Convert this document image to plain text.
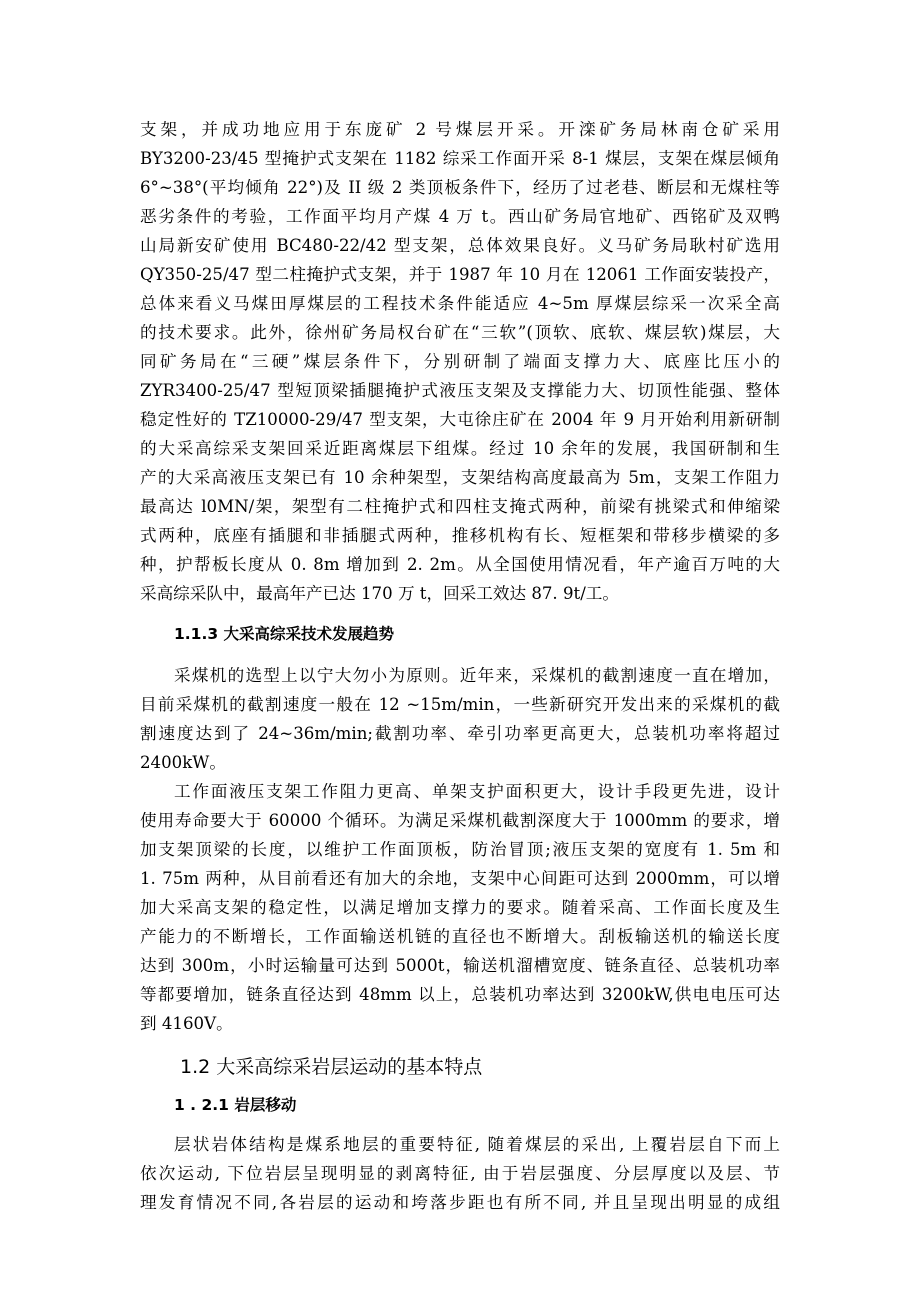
支架，并成功地应用于东庞矿 2 号煤层开采。开滦矿务局林南仓矿采用
BY3200-23/45 型掩护式支架在 1182 综采工作面开采 8-1 煤层，支架在煤层倾角
6°~38°(平均倾角 22°)及 II 级 2 类顶板条件下，经历了过老巷、断层和无煤柱等
恶劣条件的考验，工作面平均月产煤 4 万 t。西山矿务局官地矿、西铭矿及双鸭
山局新安矿使用 BC480-22/42 型支架，总体效果良好。义马矿务局耿村矿选用
QY350-25/47 型二柱掩护式支架，并于 1987 年 10 月在 12061 工作面安装投产，
总体来看义马煤田厚煤层的工程技术条件能适应 4~5m 厚煤层综采一次采全高
的技术要求。此外，徐州矿务局权台矿在“三软”(顶软、底软、煤层软)煤层，大
同矿务局在“三硬”煤层条件下，分别研制了端面支撑力大、底座比压小的
ZYR3400-25/47 型短顶梁插腿掩护式液压支架及支撑能力大、切顶性能强、整体
稳定性好的 TZ10000-29/47 型支架，大屯徐庄矿在 2004 年 9 月开始利用新研制
的大采高综采支架回采近距离煤层下组煤。经过 10 余年的发展，我国研制和生
产的大采高液压支架已有 10 余种架型，支架结构高度最高为 5m，支架工作阻力
最高达 l0MN/架，架型有二柱掩护式和四柱支掩式两种，前梁有挑梁式和伸缩梁
式两种，底座有插腿和非插腿式两种，推移机构有长、短框架和带移步横梁的多
种，护帮板长度从 0. 8m 增加到 2. 2m。从全国使用情况看，年产逾百万吨的大
采高综采队中，最高年产已达 170 万 t，回采工效达 87. 9t/工。
1.1.3 大采高综采技术发展趋势
采煤机的选型上以宁大勿小为原则。近年来，采煤机的截割速度一直在增加，
目前采煤机的截割速度一般在 12 ~15m/min，一些新研究开发出来的采煤机的截
割速度达到了 24~36m/min;截割功率、牵引功率更高更大，总装机功率将超过
2400kW。
工作面液压支架工作阻力更高、单架支护面积更大，设计手段更先进，设计
使用寿命要大于 60000 个循环。为满足采煤机截割深度大于 1000mm 的要求，增
加支架顶梁的长度，以维护工作面顶板，防治冒顶;液压支架的宽度有 1. 5m 和
1. 75m 两种，从目前看还有加大的余地，支架中心间距可达到 2000mm，可以增
加大采高支架的稳定性，以满足增加支撑力的要求。随着采高、工作面长度及生
产能力的不断增长，工作面输送机链的直径也不断增大。刮板输送机的输送长度
达到 300m，小时运输量可达到 5000t，输送机溜槽宽度、链条直径、总装机功率
等都要增加，链条直径达到 48mm 以上，总装机功率达到 3200kW,供电电压可达
到 4160V。
1.2 大采高综采岩层运动的基本特点
1 . 2.1 岩层移动
层状岩体结构是煤系地层的重要特征, 随着煤层的采出, 上覆岩层自下而上
依次运动, 下位岩层呈现明显的剥离特征, 由于岩层强度、分层厚度以及层、节
理发育情况不同,各岩层的运动和垮落步距也有所不同, 并且呈现出明显的成组
